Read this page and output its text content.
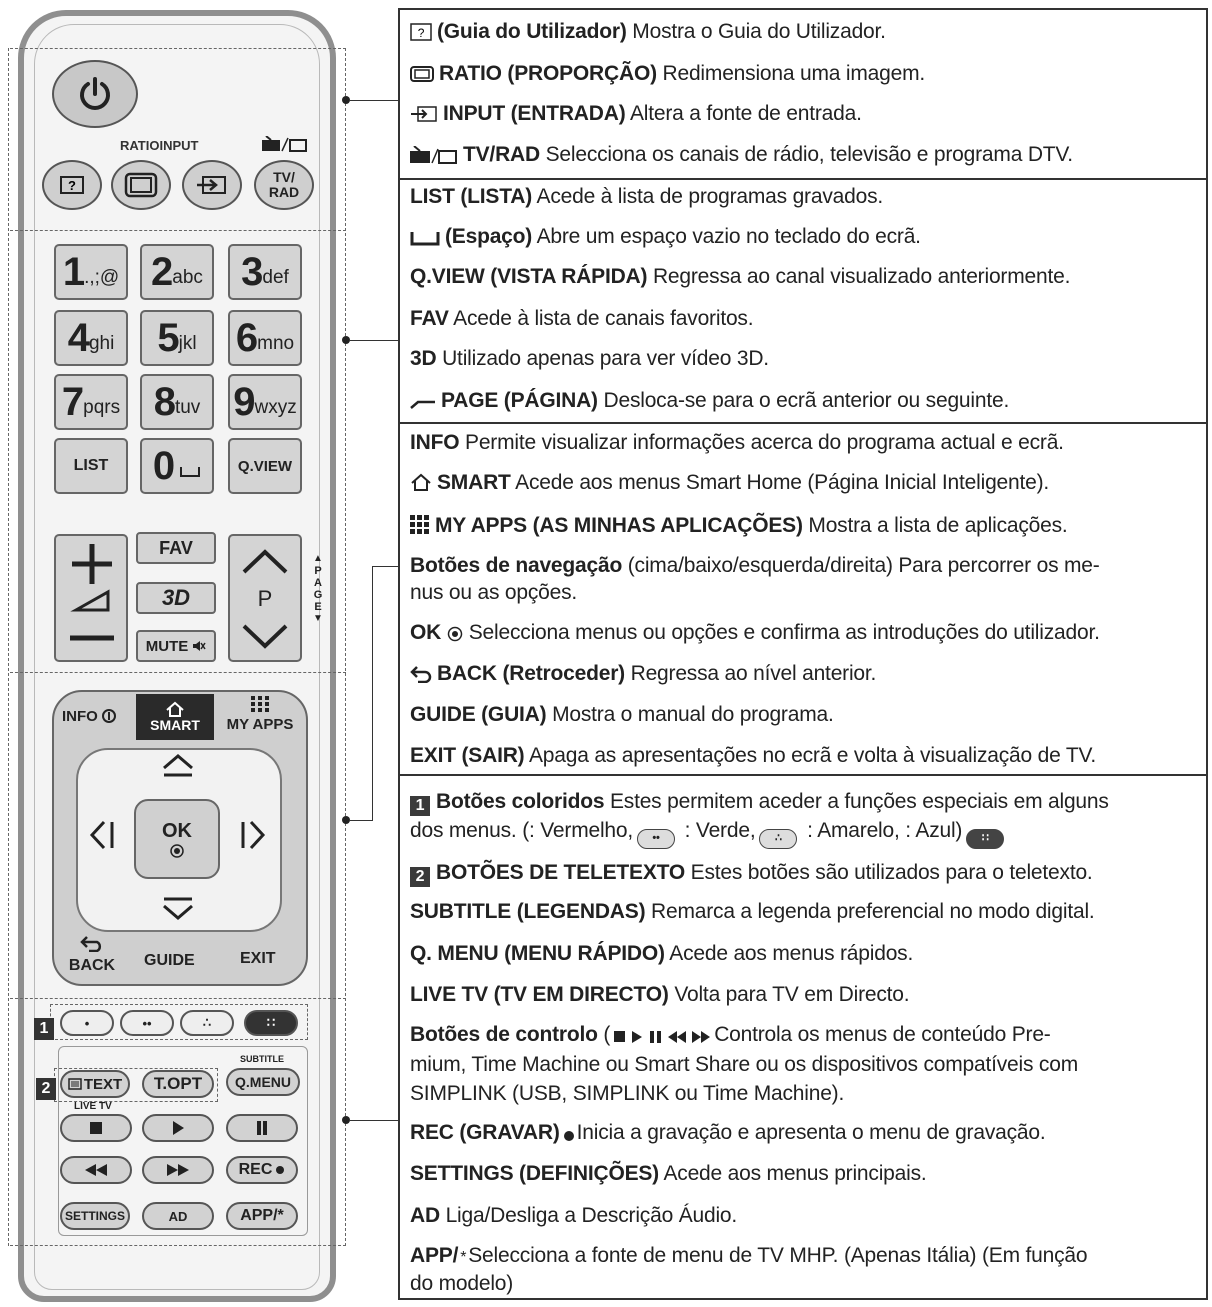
RATIOINPUT
?
TV/
RAD
LIST 0	Q.VIEW
FAV
3D
MUTE
P
▲
P
A
G
E
▼
INFO	SMART MY APPS
OK

BACK	GUIDE	EXIT
1	•	••	∴	∷
2
SUBTITLE
TEXT T.OPT Q.MENU
LIVE TV
REC
SETTINGS	AD	APP/*
? (Guia do Utilizador) Mostra o Guia do Utilizador.
RATIO (PROPORÇÃO) Redimensiona uma imagem.
INPUT (ENTRADA) Altera a fonte de entrada.
TV/RAD Selecciona os canais de rádio, televisão e programa DTV.
LIST (LISTA) Acede à lista de programas gravados.
(Espaço) Abre um espaço vazio no teclado do ecrã.
Q.VIEW (VISTA RÁPIDA) Regressa ao canal visualizado anteriormente.
FAV Acede à lista de canais favoritos.
3D Utilizado apenas para ver vídeo 3D.
PAGE (PÁGINA) Desloca-se para o ecrã anterior ou seguinte.
INFO Permite visualizar informações acerca do programa actual e ecrã.
SMART Acede aos menus Smart Home (Página Inicial Inteligente).
MY APPS (AS MINHAS APLICAÇÕES) Mostra a lista de aplicações.
Botões de navegação (cima/baixo/esquerda/direita) Para percorrer os me-
nus ou as opções.
OK Selecciona menus ou opções e confirma as introduções do utilizador.
BACK (Retroceder) Regressa ao nível anterior.
GUIDE (GUIA) Mostra o manual do programa.
EXIT (SAIR) Apaga as apresentações no ecrã e volta à visualização de TV.
1 Botões coloridos Estes permitem aceder a funções especiais em alguns
dos menus. (: Vermelho, •• : Verde, ∴ : Amarelo, : Azul) ∷
2 BOTÕES DE TELETEXTO Estes botões são utilizados para o teletexto.
SUBTITLE (LEGENDAS) Remarca a legenda preferencial no modo digital.
Q. MENU (MENU RÁPIDO) Acede aos menus rápidos.
LIVE TV (TV EM DIRECTO) Volta para TV em Directo.
Botões de controlo (	Controla os menus de conteúdo Pre-
mium, Time Machine ou Smart Share ou os dispositivos compatíveis com
SIMPLINK (USB, SIMPLINK ou Time Machine).
REC (GRAVAR) Inicia a gravação e apresenta o menu de gravação.
SETTINGS (DEFINIÇÕES) Acede aos menus principais.
AD Liga/Desliga a Descrição Áudio.
APP/ *Selecciona a fonte de menu de TV MHP. (Apenas Itália) (Em função
do modelo)
1 .,;@ 2 abc 3 def
4 ghi 5 jkl 6 mno
7 pqrs 8 tuv 9 wxyz
